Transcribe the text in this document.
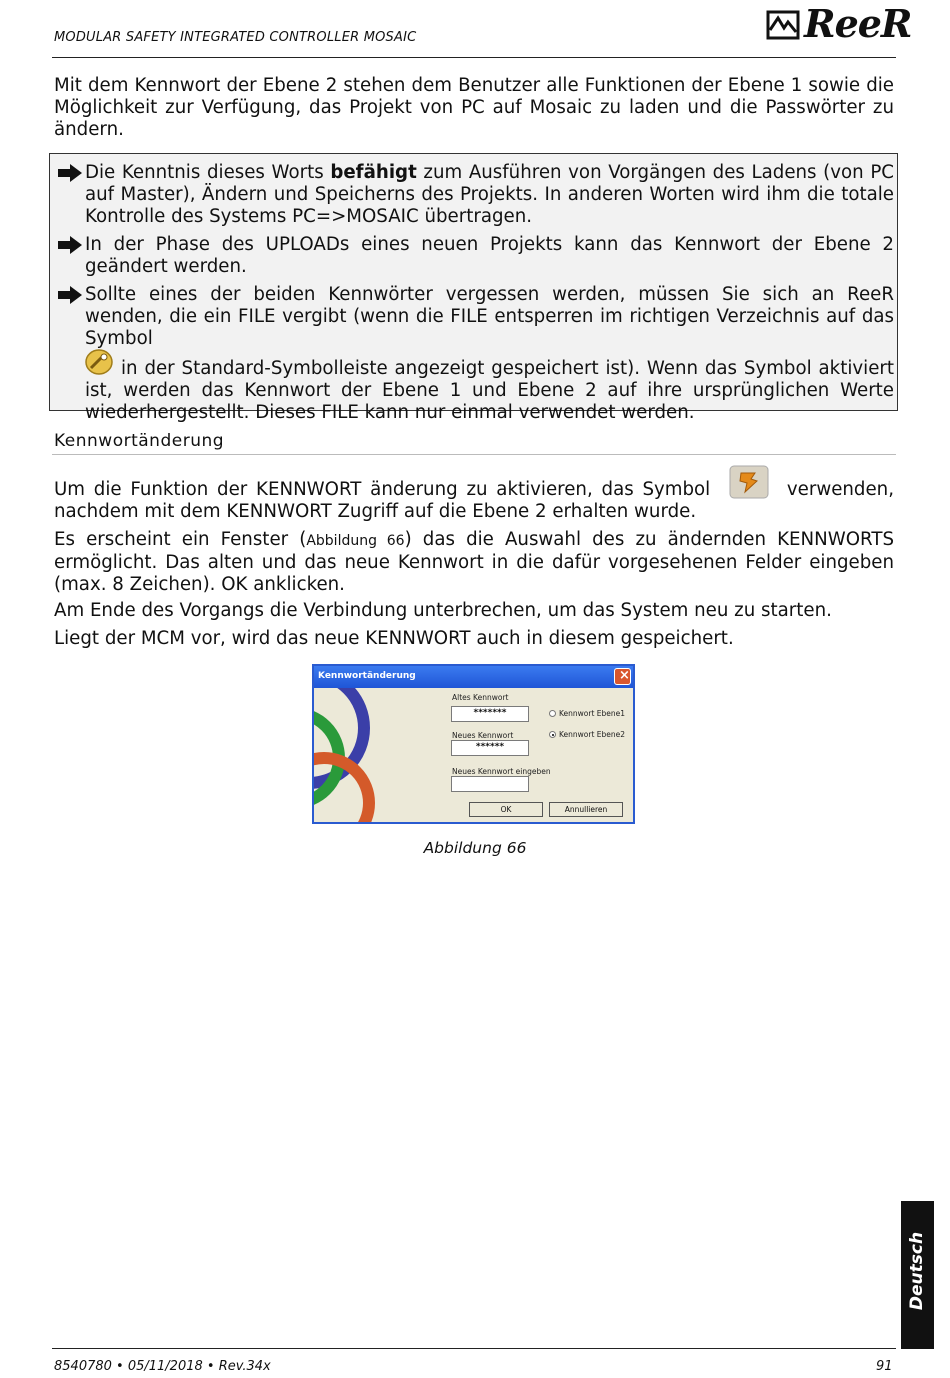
MODULAR SAFETY INTEGRATED CONTROLLER MOSAIC	ReeR
Mit dem Kennwort der Ebene 2 stehen dem Benutzer alle Funktionen der Ebene 1 sowie die Möglichkeit zur Verfügung, das Projekt von PC auf Mosaic zu laden und die Passwörter zu ändern.
Die Kenntnis dieses Worts befähigt zum Ausführen von Vorgängen des Ladens (von PC auf Master), Ändern und Speicherns des Projekts. In anderen Worten wird ihm die totale Kontrolle des Systems PC=>MOSAIC übertragen.
In der Phase des UPLOADs eines neuen Projekts kann das Kennwort der Ebene 2 geändert werden.
Sollte eines der beiden Kennwörter vergessen werden, müssen Sie sich an ReeR wenden, die ein FILE vergibt (wenn die FILE entsperren im richtigen Verzeichnis auf das Symbol
in der Standard-Symbolleiste angezeigt gespeichert ist). Wenn das Symbol aktiviert ist, werden das Kennwort der Ebene 1 und Ebene 2 auf ihre ursprünglichen Werte wiederhergestellt. Dieses FILE kann nur einmal verwendet werden.
Kennwortänderung
Um die Funktion der KENNWORT änderung zu aktivieren, das Symbol	verwenden,
nachdem mit dem KENNWORT Zugriff auf die Ebene 2 erhalten wurde.
Es erscheint ein Fenster (Abbildung 66) das die Auswahl des zu ändernden KENNWORTS ermöglicht. Das alten und das neue Kennwort in die dafür vorgesehenen Felder eingeben (max. 8 Zeichen). OK anklicken.
Am Ende des Vorgangs die Verbindung unterbrechen, um das System neu zu starten.
Liegt der MCM vor, wird das neue KENNWORT auch in diesem gespeichert.
Kennwortänderung	×
Altes Kennwort
*******
Neues Kennwort
******
Neues Kennwort eingeben
Kennwort Ebene1
Kennwort Ebene2
OK	Annullieren
Abbildung 66
Deutsch
8540780 • 05/11/2018 • Rev.34x	91
